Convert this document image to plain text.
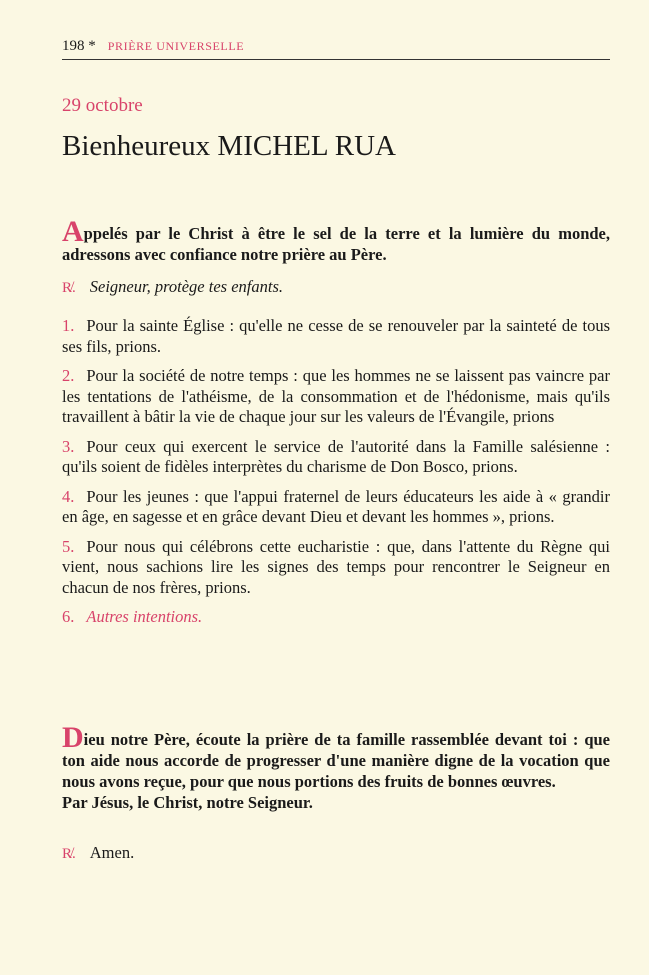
198 * PRIÈRE UNIVERSELLE
29 octobre
Bienheureux MICHEL RUA
Appelés par le Christ à être le sel de la terre et la lumière du monde, adressons avec confiance notre prière au Père.
R̸. Seigneur, protège tes enfants.
1. Pour la sainte Église : qu'elle ne cesse de se renouveler par la sainteté de tous ses fils, prions.
2. Pour la société de notre temps : que les hommes ne se laissent pas vaincre par les tentations de l'athéisme, de la consommation et de l'hédonisme, mais qu'ils travaillent à bâtir la vie de chaque jour sur les valeurs de l'Évangile, prions
3. Pour ceux qui exercent le service de l'autorité dans la Famille salésienne : qu'ils soient de fidèles interprètes du charisme de Don Bosco, prions.
4. Pour les jeunes : que l'appui fraternel de leurs éducateurs les aide à « grandir en âge, en sagesse et en grâce devant Dieu et devant les hommes », prions.
5. Pour nous qui célébrons cette eucharistie : que, dans l'attente du Règne qui vient, nous sachions lire les signes des temps pour rencontrer le Seigneur en chacun de nos frères, prions.
6. Autres intentions.
Dieu notre Père, écoute la prière de ta famille rassemblée devant toi : que ton aide nous accorde de progresser d'une manière digne de la vocation que nous avons reçue, pour que nous portions des fruits de bonnes œuvres.
Par Jésus, le Christ, notre Seigneur.
R̸. Amen.
